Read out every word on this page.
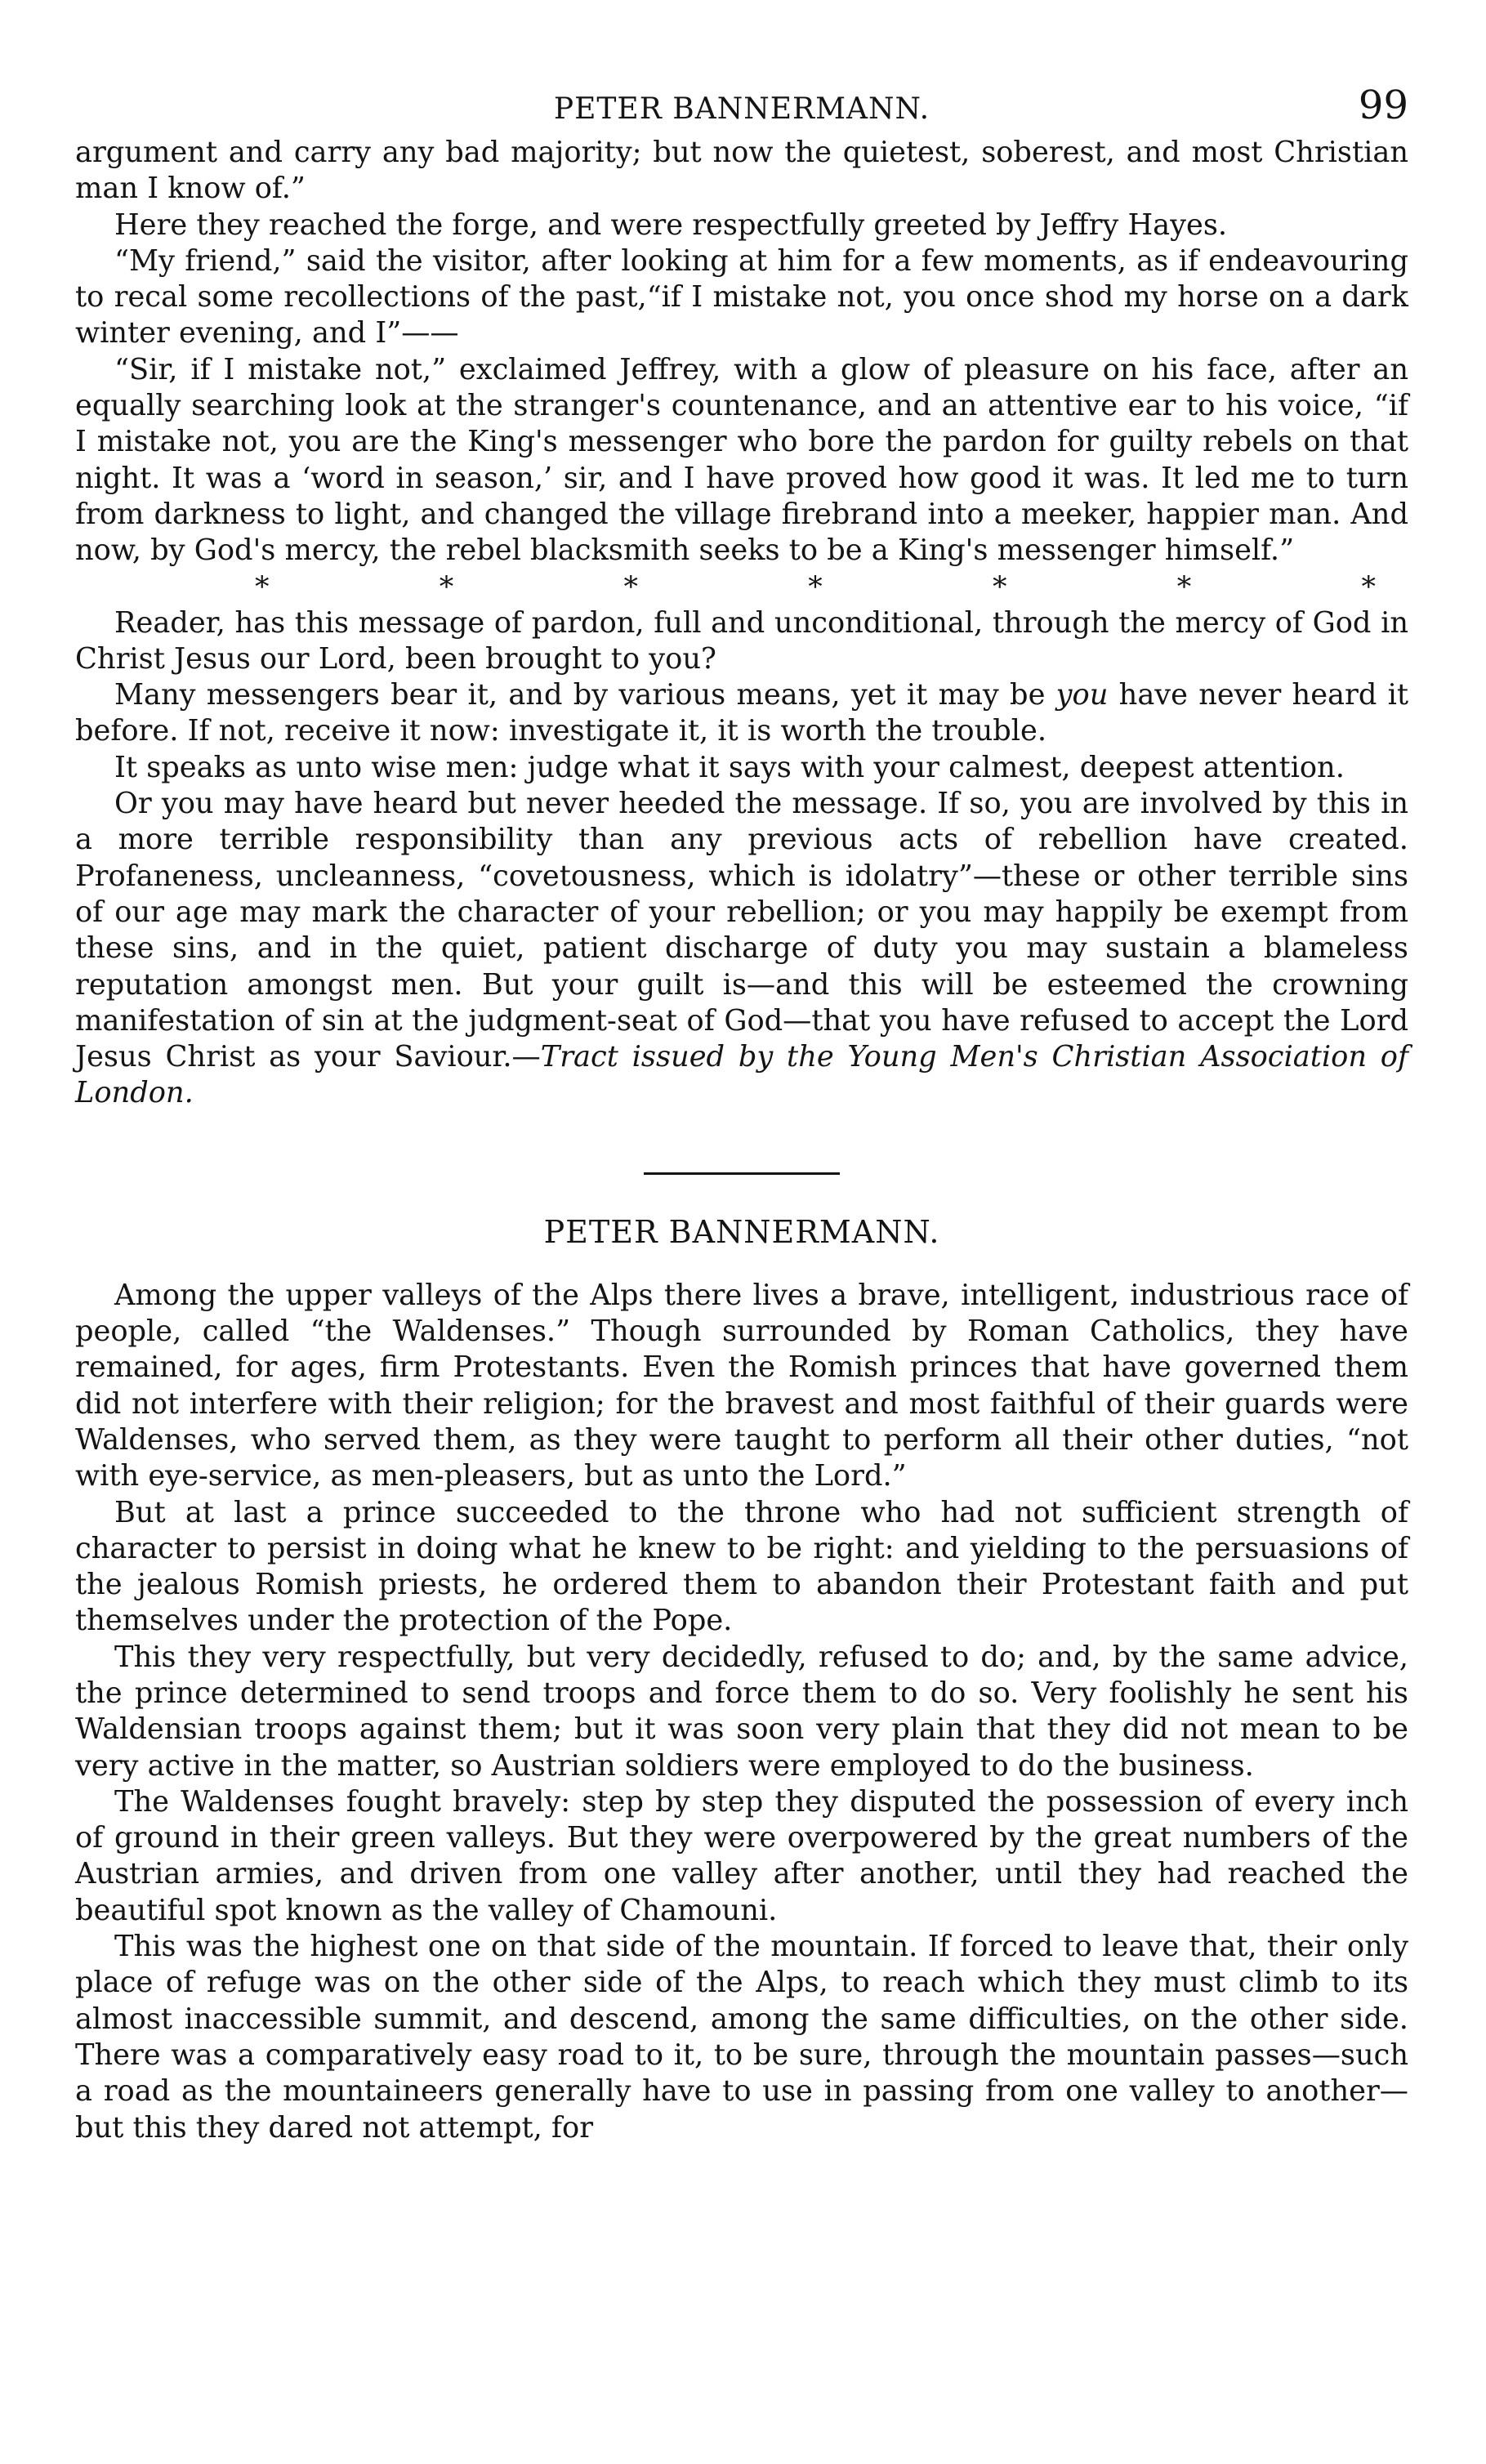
PETER BANNERMANN.	99

argument and carry any bad majority; but now the quietest, soberest, and most Christian man I know of.”

Here they reached the forge, and were respectfully greeted by Jeffry Hayes.

“My friend,” said the visitor, after looking at him for a few moments, as if endeavouring to recal some recollections of the past,“if I mistake not, you once shod my horse on a dark winter evening, and I”——

“Sir, if I mistake not,” exclaimed Jeffrey, with a glow of pleasure on his face, after an equally searching look at the stranger's countenance, and an attentive ear to his voice, “if I mistake not, you are the King's messenger who bore the pardon for guilty rebels on that night. It was a ‘word in season,’ sir, and I have proved how good it was. It led me to turn from darkness to light, and changed the village firebrand into a meeker, happier man. And now, by God's mercy, the rebel blacksmith seeks to be a King's messenger himself.”

*	*	*	*	*	*	*

Reader, has this message of pardon, full and unconditional, through the mercy of God in Christ Jesus our Lord, been brought to you?

Many messengers bear it, and by various means, yet it may be you have never heard it before. If not, receive it now: investigate it, it is worth the trouble.

It speaks as unto wise men: judge what it says with your calmest, deepest attention.

Or you may have heard but never heeded the message. If so, you are involved by this in a more terrible responsibility than any previous acts of rebellion have created. Profaneness, uncleanness, “covetousness, which is idolatry”—these or other terrible sins of our age may mark the character of your rebellion; or you may happily be exempt from these sins, and in the quiet, patient discharge of duty you may sustain a blameless reputation amongst men. But your guilt is—and this will be esteemed the crowning manifestation of sin at the judgment-seat of God—that you have refused to accept the Lord Jesus Christ as your Saviour.—Tract issued by the Young Men's Christian Association of London.

PETER BANNERMANN.

Among the upper valleys of the Alps there lives a brave, intelligent, industrious race of people, called “the Waldenses.” Though surrounded by Roman Catholics, they have remained, for ages, firm Protestants. Even the Romish princes that have governed them did not interfere with their religion; for the bravest and most faithful of their guards were Waldenses, who served them, as they were taught to perform all their other duties, “not with eye-service, as men-pleasers, but as unto the Lord.”

But at last a prince succeeded to the throne who had not sufficient strength of character to persist in doing what he knew to be right: and yielding to the persuasions of the jealous Romish priests, he ordered them to abandon their Protestant faith and put themselves under the protection of the Pope.

This they very respectfully, but very decidedly, refused to do; and, by the same advice, the prince determined to send troops and force them to do so. Very foolishly he sent his Waldensian troops against them; but it was soon very plain that they did not mean to be very active in the matter, so Austrian soldiers were employed to do the business.

The Waldenses fought bravely: step by step they disputed the possession of every inch of ground in their green valleys. But they were overpowered by the great numbers of the Austrian armies, and driven from one valley after another, until they had reached the beautiful spot known as the valley of Chamouni.

This was the highest one on that side of the mountain. If forced to leave that, their only place of refuge was on the other side of the Alps, to reach which they must climb to its almost inaccessible summit, and descend, among the same difficulties, on the other side. There was a comparatively easy road to it, to be sure, through the mountain passes—such a road as the mountaineers generally have to use in passing from one valley to another—but this they dared not attempt, for
